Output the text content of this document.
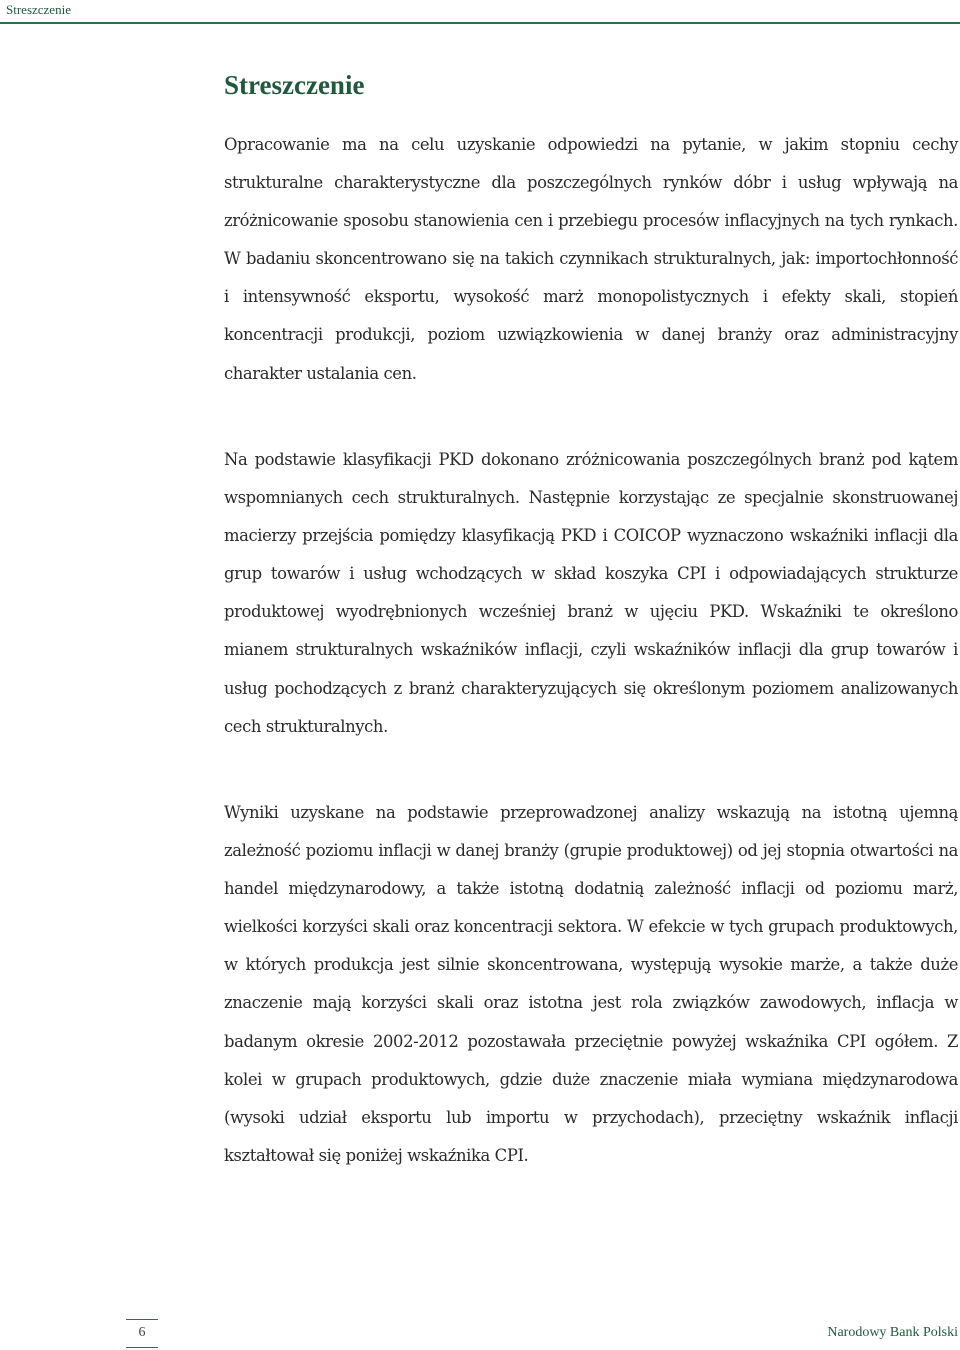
Streszczenie
Streszczenie

Opracowanie ma na celu uzyskanie odpowiedzi na pytanie, w jakim stopniu cechy strukturalne charakterystyczne dla poszczególnych rynków dóbr i usług wpływają na zróżnicowanie sposobu stanowienia cen i przebiegu procesów inflacyjnych na tych rynkach. W badaniu skoncentrowano się na takich czynnikach strukturalnych, jak: importochłonność i intensywność eksportu, wysokość marż monopolistycznych i efekty skali, stopień koncentracji produkcji, poziom uzwiązkowienia w danej branży oraz administracyjny charakter ustalania cen.

Na podstawie klasyfikacji PKD dokonano zróżnicowania poszczególnych branż pod kątem wspomnianych cech strukturalnych. Następnie korzystając ze specjalnie skonstruowanej macierzy przejścia pomiędzy klasyfikacją PKD i COICOP wyznaczono wskaźniki inflacji dla grup towarów i usług wchodzących w skład koszyka CPI i odpowiadających strukturze produktowej wyodrębnionych wcześniej branż w ujęciu PKD. Wskaźniki te określono mianem strukturalnych wskaźników inflacji, czyli wskaźników inflacji dla grup towarów i usług pochodzących z branż charakteryzujących się określonym poziomem analizowanych cech strukturalnych.

Wyniki uzyskane na podstawie przeprowadzonej analizy wskazują na istotną ujemną zależność poziomu inflacji w danej branży (grupie produktowej) od jej stopnia otwartości na handel międzynarodowy, a także istotną dodatnią zależność inflacji od poziomu marż, wielkości korzyści skali oraz koncentracji sektora. W efekcie w tych grupach produktowych, w których produkcja jest silnie skoncentrowana, występują wysokie marże, a także duże znaczenie mają korzyści skali oraz istotna jest rola związków zawodowych, inflacja w badanym okresie 2002-2012 pozostawała przeciętnie powyżej wskaźnika CPI ogółem. Z kolei w grupach produktowych, gdzie duże znaczenie miała wymiana międzynarodowa (wysoki udział eksportu lub importu w przychodach), przeciętny wskaźnik inflacji kształtował się poniżej wskaźnika CPI.

6	Narodowy Bank Polski
